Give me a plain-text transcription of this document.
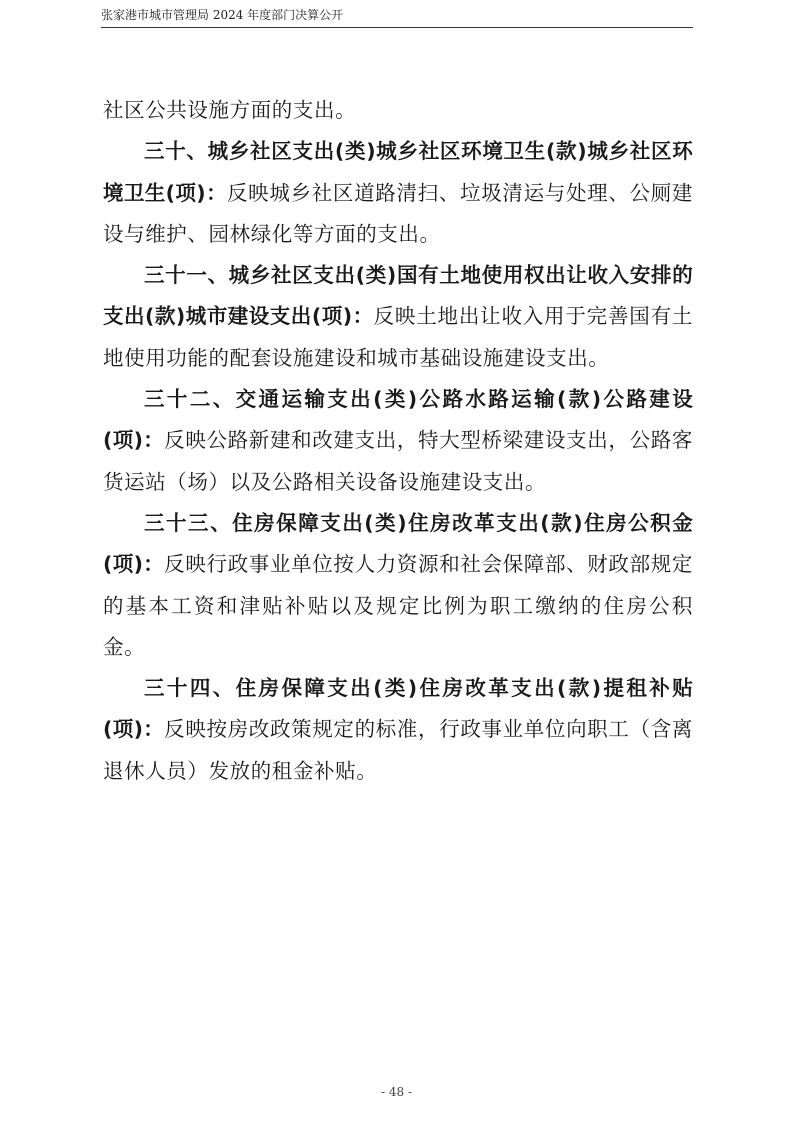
张家港市城市管理局 2024 年度部门决算公开

社区公共设施方面的支出。

三十、城乡社区支出(类)城乡社区环境卫生(款)城乡社区环境卫生(项)：反映城乡社区道路清扫、垃圾清运与处理、公厕建设与维护、园林绿化等方面的支出。

三十一、城乡社区支出(类)国有土地使用权出让收入安排的支出(款)城市建设支出(项)：反映土地出让收入用于完善国有土地使用功能的配套设施建设和城市基础设施建设支出。

三十二、交通运输支出(类)公路水路运输(款)公路建设(项)：反映公路新建和改建支出，特大型桥梁建设支出，公路客货运站（场）以及公路相关设备设施建设支出。

三十三、住房保障支出(类)住房改革支出(款)住房公积金(项)：反映行政事业单位按人力资源和社会保障部、财政部规定的基本工资和津贴补贴以及规定比例为职工缴纳的住房公积金。

三十四、住房保障支出(类)住房改革支出(款)提租补贴(项)：反映按房改政策规定的标准，行政事业单位向职工（含离退休人员）发放的租金补贴。

- 48 -
